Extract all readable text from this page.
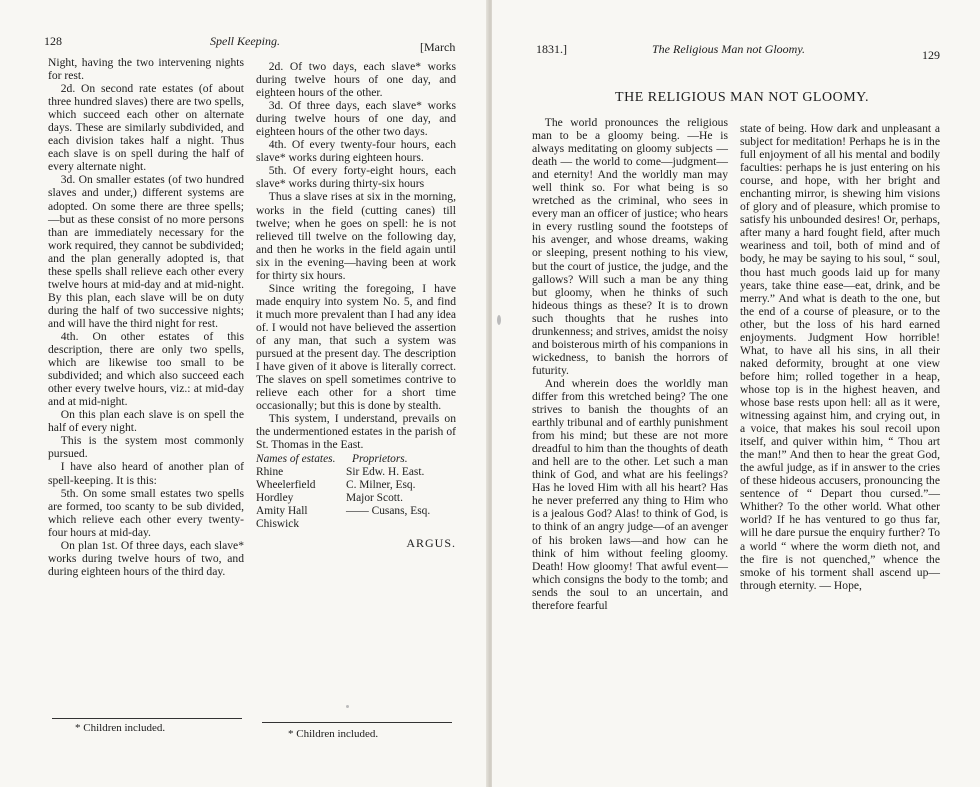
128	Spell Keeping.	[March

Night, having the two intervening nights for rest.

2d. On second rate estates (of about three hundred slaves) there are two spells, which succeed each other on alternate days. These are similarly subdivided, and each division takes half a night. Thus each slave is on spell during the half of every alternate night.

3d. On smaller estates (of two hundred slaves and under,) different systems are adopted. On some there are three spells;—but as these consist of no more persons than are immediately necessary for the work required, they cannot be subdivided; and the plan generally adopted is, that these spells shall relieve each other every twelve hours at mid-day and at mid-night. By this plan, each slave will be on duty during the half of two successive nights; and will have the third night for rest.

4th. On other estates of this description, there are only two spells, which are likewise too small to be subdivided; and which also succeed each other every twelve hours, viz.: at mid-day and at mid-night.

On this plan each slave is on spell the half of every night.

This is the system most commonly pursued.

I have also heard of another plan of spell-keeping. It is this:

5th. On some small estates two spells are formed, too scanty to be sub divided, which relieve each other every twenty-four hours at mid-day.

On plan 1st. Of three days, each slave* works during twelve hours of two, and during eighteen hours of the third day.

* Children included.

2d. Of two days, each slave* works during twelve hours of one day, and eighteen hours of the other.

3d. Of three days, each slave* works during twelve hours of one day, and eighteen hours of the other two days.

4th. Of every twenty-four hours, each slave* works during eighteen hours.

5th. Of every forty-eight hours, each slave* works during thirty-six hours

Thus a slave rises at six in the morning, works in the field (cutting canes) till twelve; when he goes on spell: he is not relieved till twelve on the following day, and then he works in the field again until six in the evening—having been at work for thirty six hours.

Since writing the foregoing, I have made enquiry into system No. 5, and find it much more prevalent than I had any idea of. I would not have believed the assertion of any man, that such a system was pursued at the present day. The description I have given of it above is literally correct. The slaves on spell sometimes contrive to relieve each other for a short time occasionally; but this is done by stealth.

This system, I understand, prevails on the undermentioned estates in the parish of St. Thomas in the East.

Names of estates.	Proprietors.
Rhine	Sir Edw. H. East.
Wheelerfield	C. Milner, Esq.
Hordley	Major Scott.
Amity Hall	—— Cusans, Esq.
Chiswick
ARGUS.
* Children included.
1831.]	The Religious Man not Gloomy.	129
THE RELIGIOUS MAN NOT GLOOMY.

The world pronounces the religious man to be a gloomy being. —He is always meditating on gloomy subjects — death — the world to come—judgment—and eternity! And the worldly man may well think so. For what being is so wretched as the criminal, who sees in every man an officer of justice; who hears in every rustling sound the footsteps of his avenger, and whose dreams, waking or sleeping, present nothing to his view, but the court of justice, the judge, and the gallows? Will such a man be any thing but gloomy, when he thinks of such hideous things as these? It is to drown such thoughts that he rushes into drunkenness; and strives, amidst the noisy and boisterous mirth of his companions in wickedness, to banish the horrors of futurity.

And wherein does the worldly man differ from this wretched being? The one strives to banish the thoughts of an earthly tribunal and of earthly punishment from his mind; but these are not more dreadful to him than the thoughts of death and hell are to the other. Let such a man think of God, and what are his feelings? Has he loved Him with all his heart? Has he never preferred any thing to Him who is a jealous God? Alas! to think of God, is to think of an angry judge—of an avenger of his broken laws—and how can he think of him without feeling gloomy. Death! How gloomy! That awful event—which consigns the body to the tomb; and sends the soul to an uncertain, and therefore fearful

state of being. How dark and unpleasant a subject for meditation! Perhaps he is in the full enjoyment of all his mental and bodily faculties: perhaps he is just entering on his course, and hope, with her bright and enchanting mirror, is shewing him visions of glory and of pleasure, which promise to satisfy his unbounded desires! Or, perhaps, after many a hard fought field, after much weariness and toil, both of mind and of body, he may be saying to his soul, “ soul, thou hast much goods laid up for many years, take thine ease—eat, drink, and be merry.” And what is death to the one, but the end of a course of pleasure, or to the other, but the loss of his hard earned enjoyments. Judgment How horrible! What, to have all his sins, in all their naked deformity, brought at one view before him; rolled together in a heap, whose top is in the highest heaven, and whose base rests upon hell: all as it were, witnessing against him, and crying out, in a voice, that makes his soul recoil upon itself, and quiver within him, “ Thou art the man!” And then to hear the great God, the awful judge, as if in answer to the cries of these hideous accusers, pronouncing the sentence of “ Depart thou cursed.”—Whither? To the other world. What other world? If he has ventured to go thus far, will he dare pursue the enquiry further? To a world “ where the worm dieth not, and the fire is not quenched,” whence the smoke of his torment shall ascend up— through eternity. — Hope,
